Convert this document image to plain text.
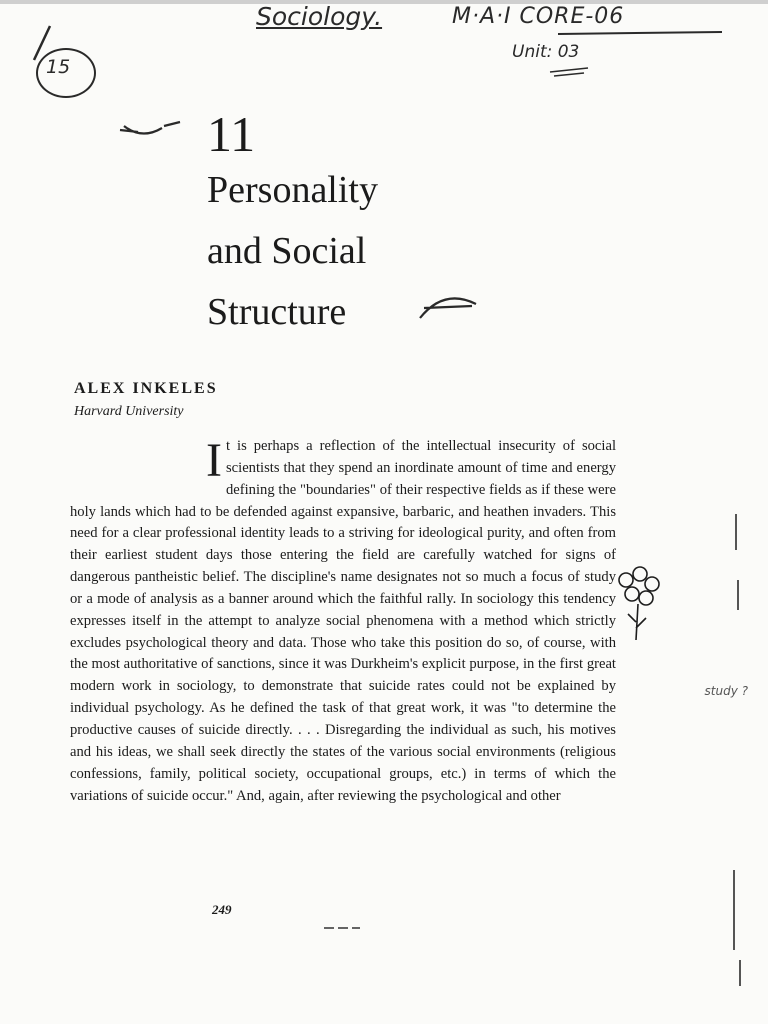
Sociology.	M·A·I CORE-06
Unit: 03
15
11
Personality
and Social
Structure
ALEX INKELES
Harvard University
I t is perhaps a reflection of the intellectual insecurity of social scientists that they spend an inordinate amount of time and energy defining the "boundaries" of their respective fields as if these were holy lands which had to be defended against expansive, barbaric, and heathen invaders. This need for a clear professional identity leads to a striving for ideological purity, and often from their earliest student days those entering the field are carefully watched for signs of dangerous pantheistic belief. The discipline's name designates not so much a focus of study or a mode of analysis as a banner around which the faithful rally. In sociology this tendency expresses itself in the attempt to analyze social phenomena with a method which strictly excludes psychological theory and data. Those who take this position do so, of course, with the most authoritative of sanctions, since it was Durkheim's explicit purpose, in the first great modern work in sociology, to demonstrate that suicide rates could not be explained by individual psychology. As he defined the task of that great work, it was "to determine the productive causes of suicide directly. . . . Disregarding the individual as such, his motives and his ideas, we shall seek directly the states of the various social environments (religious confessions, family, political society, occupational groups, etc.) in terms of which the variations of suicide occur." And, again, after reviewing the psychological and other

study ?
249
